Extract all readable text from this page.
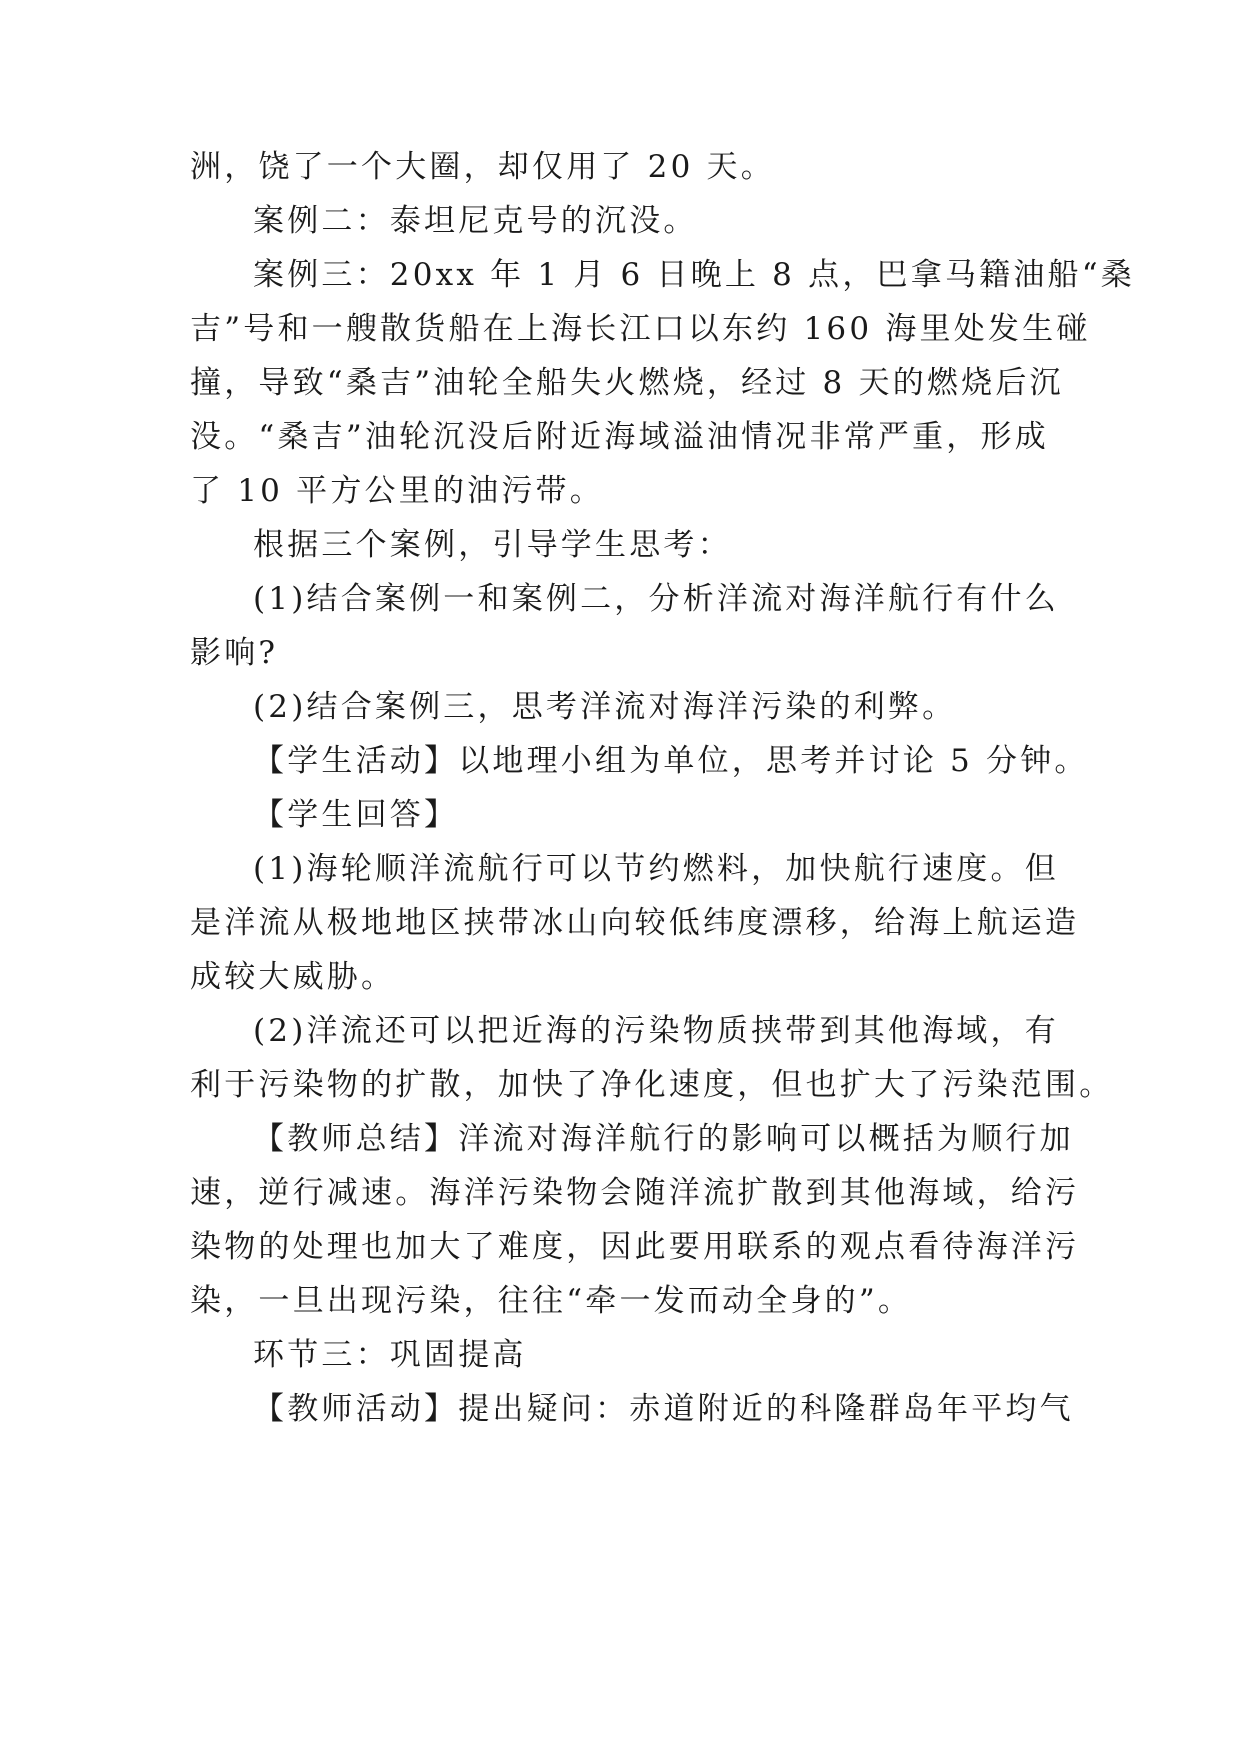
洲，饶了一个大圈，却仅用了 20 天。
案例二：泰坦尼克号的沉没。
案例三：20xx 年 1 月 6 日晚上 8 点，巴拿马籍油船“桑
吉”号和一艘散货船在上海长江口以东约 160 海里处发生碰
撞，导致“桑吉”油轮全船失火燃烧，经过 8 天的燃烧后沉
没。“桑吉”油轮沉没后附近海域溢油情况非常严重，形成
了 10 平方公里的油污带。
根据三个案例，引导学生思考：
(1)结合案例一和案例二，分析洋流对海洋航行有什么
影响?
(2)结合案例三，思考洋流对海洋污染的利弊。
【学生活动】以地理小组为单位，思考并讨论 5 分钟。
【学生回答】
(1)海轮顺洋流航行可以节约燃料，加快航行速度。但
是洋流从极地地区挟带冰山向较低纬度漂移，给海上航运造
成较大威胁。
(2)洋流还可以把近海的污染物质挟带到其他海域，有
利于污染物的扩散，加快了净化速度，但也扩大了污染范围。
【教师总结】洋流对海洋航行的影响可以概括为顺行加
速，逆行减速。海洋污染物会随洋流扩散到其他海域，给污
染物的处理也加大了难度，因此要用联系的观点看待海洋污
染，一旦出现污染，往往“牵一发而动全身的”。
环节三：巩固提高
【教师活动】提出疑问：赤道附近的科隆群岛年平均气
